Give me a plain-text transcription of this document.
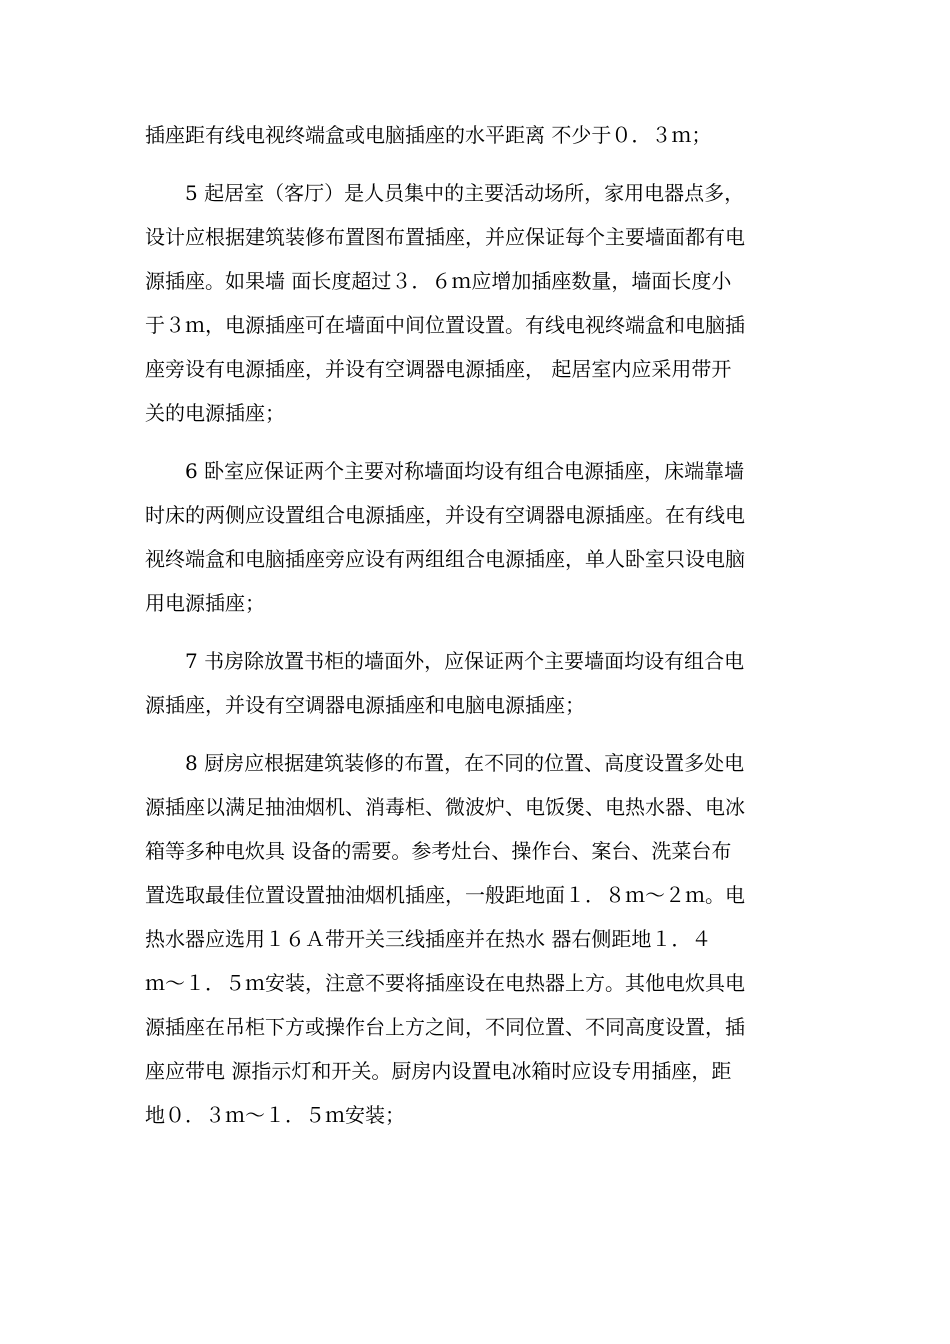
插座距有线电视终端盒或电脑插座的水平距离 不少于０．３ｍ；

5 起居室（客厅）是人员集中的主要活动场所，家用电器点多，
设计应根据建筑装修布置图布置插座，并应保证每个主要墙面都有电
源插座。如果墙 面长度超过３．６ｍ应增加插座数量，墙面长度小
于３ｍ，电源插座可在墙面中间位置设置。有线电视终端盒和电脑插
座旁设有电源插座，并设有空调器电源插座， 起居室内应采用带开
关的电源插座；

6 卧室应保证两个主要对称墙面均设有组合电源插座，床端靠墙
时床的两侧应设置组合电源插座，并设有空调器电源插座。在有线电
视终端盒和电脑插座旁应设有两组组合电源插座，单人卧室只设电脑
用电源插座；

7 书房除放置书柜的墙面外，应保证两个主要墙面均设有组合电
源插座，并设有空调器电源插座和电脑电源插座；

8 厨房应根据建筑装修的布置，在不同的位置、高度设置多处电
源插座以满足抽油烟机、消毒柜、微波炉、电饭煲、电热水器、电冰
箱等多种电炊具 设备的需要。参考灶台、操作台、案台、洗菜台布
置选取最佳位置设置抽油烟机插座，一般距地面１．８ｍ～２ｍ。电
热水器应选用１６Ａ带开关三线插座并在热水 器右侧距地１．４
ｍ～１．５ｍ安装，注意不要将插座设在电热器上方。其他电炊具电
源插座在吊柜下方或操作台上方之间，不同位置、不同高度设置，插
座应带电 源指示灯和开关。厨房内设置电冰箱时应设专用插座，距
地０．３ｍ～１．５ｍ安装；
